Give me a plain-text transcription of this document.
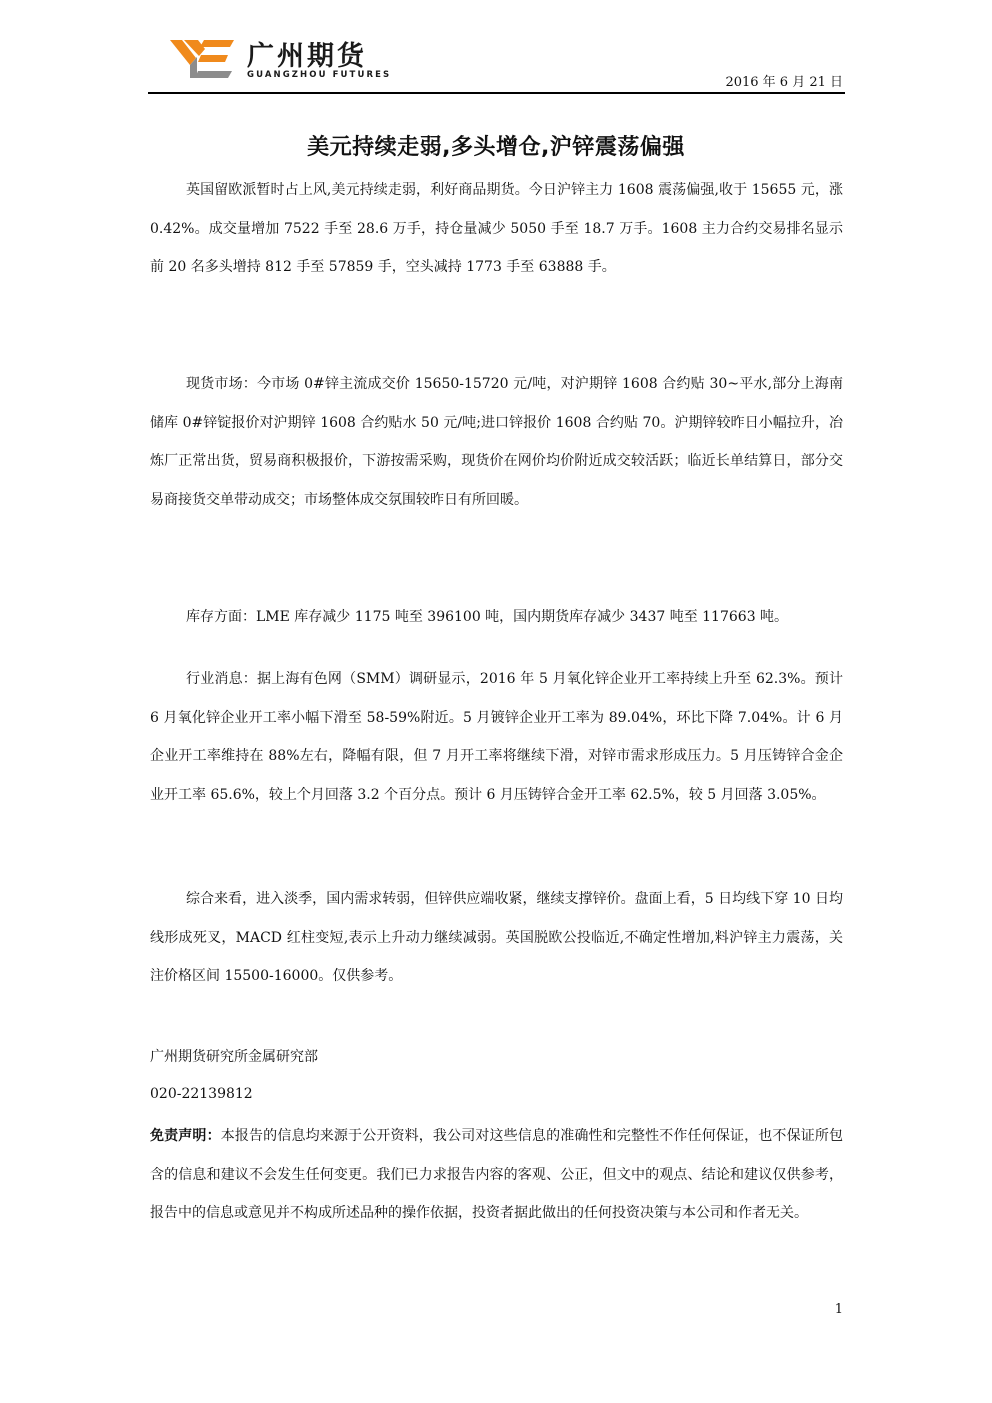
广州期货
GUANGZHOU FUTURES	2016 年 6 月 21 日
美元持续走弱,多头增仓,沪锌震荡偏强

英国留欧派暂时占上风,美元持续走弱，利好商品期货。今日沪锌主力 1608 震荡偏强,收于 15655 元，涨 0.42%。成交量增加 7522 手至 28.6 万手，持仓量减少 5050 手至 18.7 万手。1608 主力合约交易排名显示前 20 名多头增持 812 手至 57859 手，空头减持 1773 手至 63888 手。

现货市场：今市场 0#锌主流成交价 15650-15720 元/吨，对沪期锌 1608 合约贴 30~平水,部分上海南储库 0#锌锭报价对沪期锌 1608 合约贴水 50 元/吨;进口锌报价 1608 合约贴 70。沪期锌较昨日小幅拉升，冶炼厂正常出货，贸易商积极报价，下游按需采购，现货价在网价均价附近成交较活跃；临近长单结算日，部分交易商接货交单带动成交；市场整体成交氛围较昨日有所回暖。

库存方面：LME 库存减少 1175 吨至 396100 吨，国内期货库存减少 3437 吨至 117663 吨。

行业消息：据上海有色网（SMM）调研显示，2016 年 5 月氧化锌企业开工率持续上升至 62.3%。预计 6 月氧化锌企业开工率小幅下滑至 58-59%附近。5 月镀锌企业开工率为 89.04%，环比下降 7.04%。计 6 月企业开工率维持在 88%左右，降幅有限，但 7 月开工率将继续下滑，对锌市需求形成压力。5 月压铸锌合金企业开工率 65.6%，较上个月回落 3.2 个百分点。预计 6 月压铸锌合金开工率 62.5%，较 5 月回落 3.05%。

综合来看，进入淡季，国内需求转弱，但锌供应端收紧，继续支撑锌价。盘面上看，5 日均线下穿 10 日均线形成死叉，MACD 红柱变短,表示上升动力继续减弱。英国脱欧公投临近,不确定性增加,料沪锌主力震荡，关注价格区间 15500-16000。仅供参考。

广州期货研究所金属研究部
020-22139812

免责声明：本报告的信息均来源于公开资料，我公司对这些信息的准确性和完整性不作任何保证，也不保证所包含的信息和建议不会发生任何变更。我们已力求报告内容的客观、公正，但文中的观点、结论和建议仅供参考，报告中的信息或意见并不构成所述品种的操作依据，投资者据此做出的任何投资决策与本公司和作者无关。

1
